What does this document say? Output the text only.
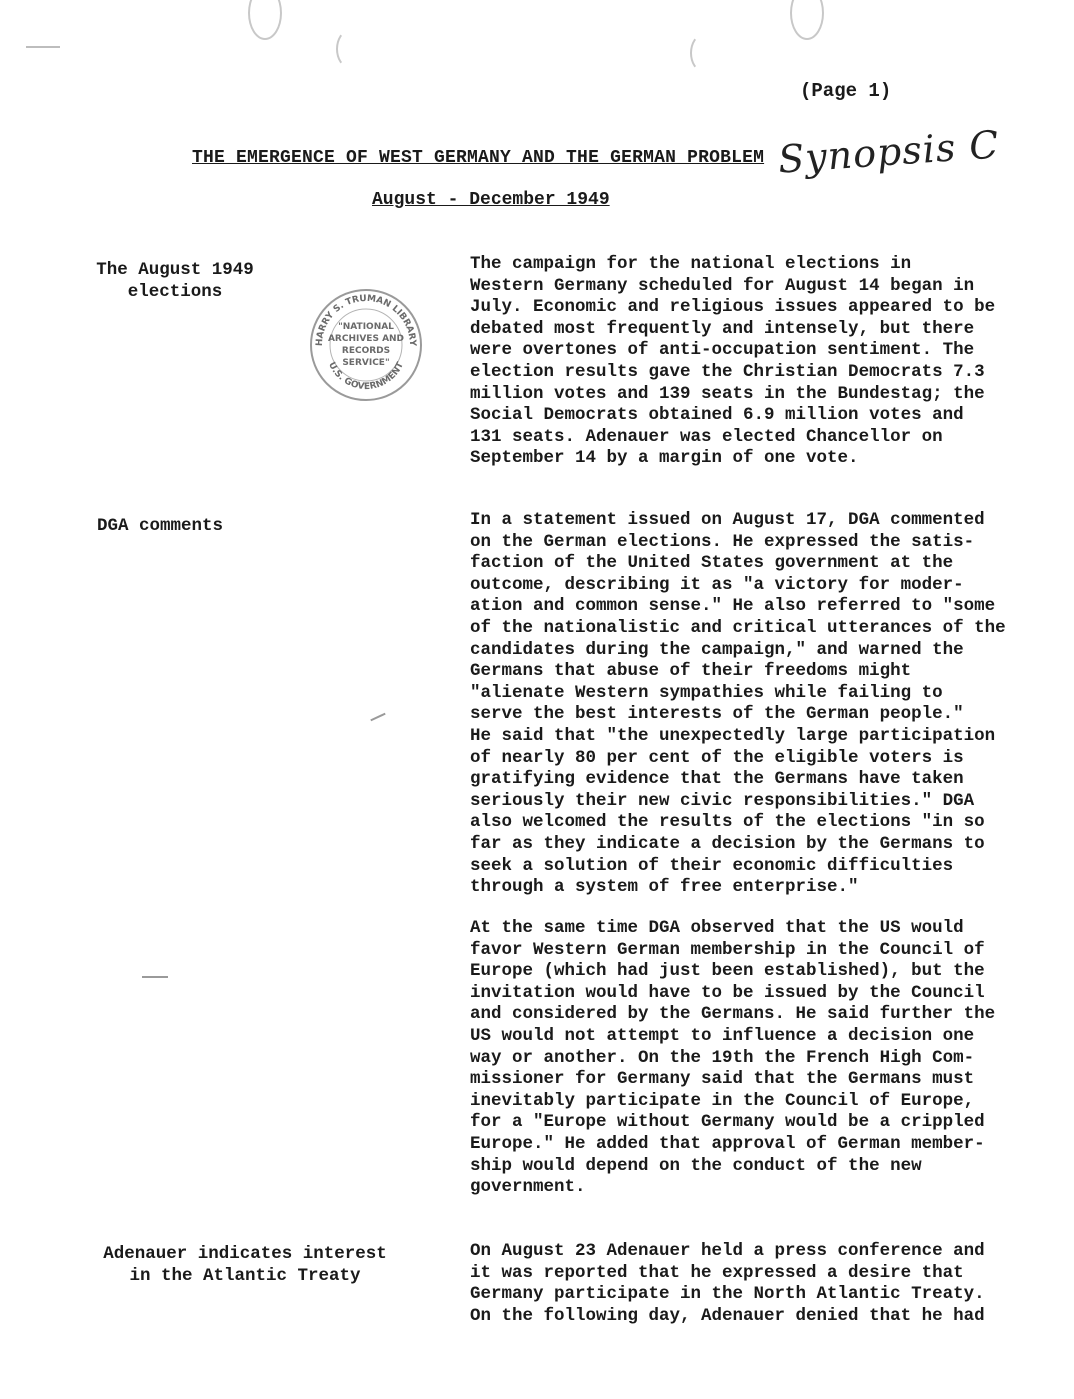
(Page 1)
THE EMERGENCE OF WEST GERMANY AND THE GERMAN PROBLEM Synopsis C
August - December 1949
HARRY S. TRUMAN LIBRARY
U.S. GOVERNMENT
"NATIONAL
ARCHIVES AND
RECORDS
SERVICE"
The August 1949
elections
The campaign for the national elections in
Western Germany scheduled for August 14 began in
July. Economic and religious issues appeared to be
debated most frequently and intensely, but there
were overtones of anti-occupation sentiment. The
election results gave the Christian Democrats 7.3
million votes and 139 seats in the Bundestag; the
Social Democrats obtained 6.9 million votes and
131 seats. Adenauer was elected Chancellor on
September 14 by a margin of one vote.
DGA comments	In a statement issued on August 17, DGA commented
on the German elections. He expressed the satis-
faction of the United States government at the
outcome, describing it as "a victory for moder-
ation and common sense." He also referred to "some
of the nationalistic and critical utterances of the
candidates during the campaign," and warned the
Germans that abuse of their freedoms might
"alienate Western sympathies while failing to
serve the best interests of the German people."
He said that "the unexpectedly large participation
of nearly 80 per cent of the eligible voters is
gratifying evidence that the Germans have taken
seriously their new civic responsibilities." DGA
also welcomed the results of the elections "in so
far as they indicate a decision by the Germans to
seek a solution of their economic difficulties
through a system of free enterprise."
At the same time DGA observed that the US would
favor Western German membership in the Council of
Europe (which had just been established), but the
invitation would have to be issued by the Council
and considered by the Germans. He said further the
US would not attempt to influence a decision one
way or another. On the 19th the French High Com-
missioner for Germany said that the Germans must
inevitably participate in the Council of Europe,
for a "Europe without Germany would be a crippled
Europe." He added that approval of German member-
ship would depend on the conduct of the new
government.
Adenauer indicates interest
in the Atlantic Treaty
On August 23 Adenauer held a press conference and
it was reported that he expressed a desire that
Germany participate in the North Atlantic Treaty.
On the following day, Adenauer denied that he had
